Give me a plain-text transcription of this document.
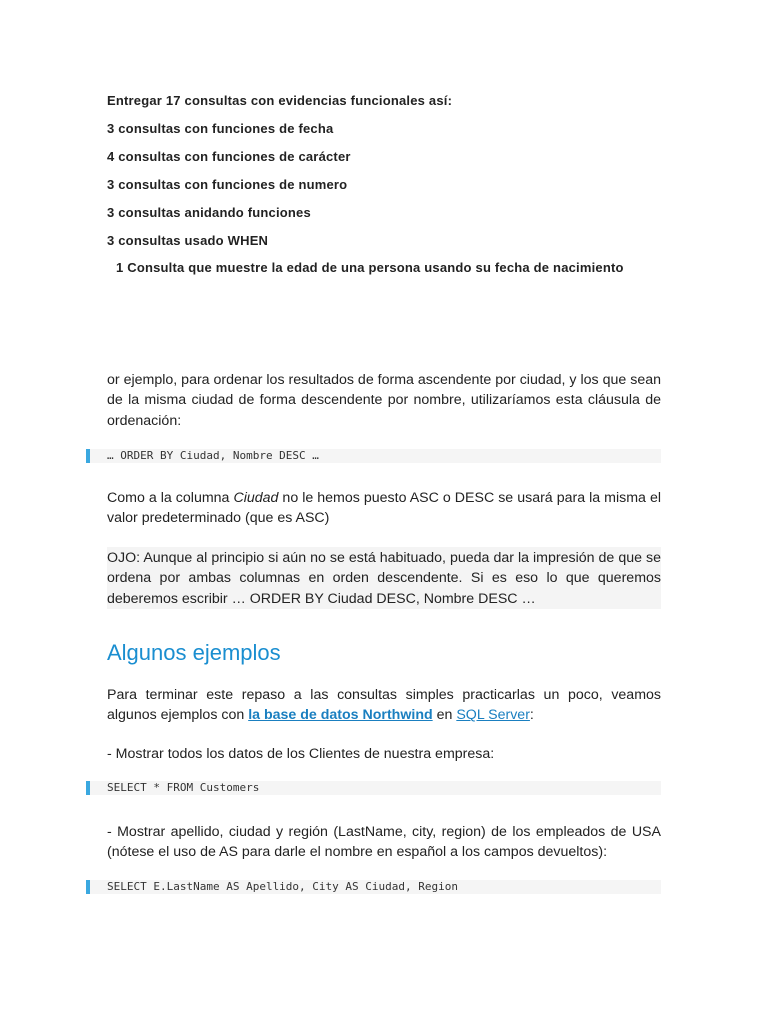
Entregar 17 consultas con evidencias funcionales así:

3 consultas con funciones de fecha

4 consultas con funciones de carácter

3 consultas con funciones de numero

3 consultas anidando funciones

3 consultas usado WHEN

1 Consulta que muestre la edad de una persona usando su fecha de nacimiento

or ejemplo, para ordenar los resultados de forma ascendente por ciudad, y los que sean de la misma ciudad de forma descendente por nombre, utilizaríamos esta cláusula de ordenación:

… ORDER BY Ciudad, Nombre DESC …

Como a la columna Ciudad no le hemos puesto ASC o DESC se usará para la misma el valor predeterminado (que es ASC)

OJO: Aunque al principio si aún no se está habituado, pueda dar la impresión de que se ordena por ambas columnas en orden descendente. Si es eso lo que queremos deberemos escribir … ORDER BY Ciudad DESC, Nombre DESC …

Algunos ejemplos

Para terminar este repaso a las consultas simples practicarlas un poco, veamos algunos ejemplos con la base de datos Northwind en SQL Server:

- Mostrar todos los datos de los Clientes de nuestra empresa:

SELECT * FROM Customers

- Mostrar apellido, ciudad y región (LastName, city, region) de los empleados de USA (nótese el uso de AS para darle el nombre en español a los campos devueltos):

SELECT E.LastName AS Apellido, City AS Ciudad, Region
